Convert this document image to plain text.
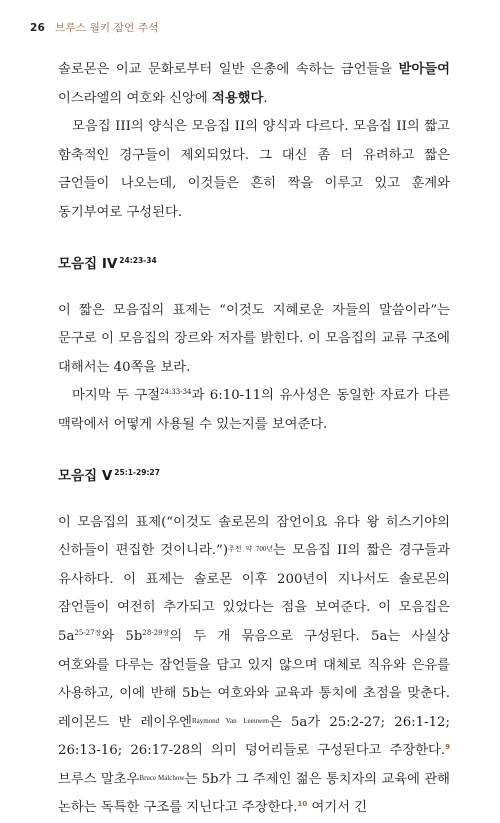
26 브루스 월키 잠언 주석

솔로몬은 이교 문화로부터 일반 은총에 속하는 금언들을 받아들여 이스라엘의 여호와 신앙에 적용했다.

모음집 III의 양식은 모음집 II의 양식과 다르다. 모음집 II의 짧고 함축적인 경구들이 제외되었다. 그 대신 좀 더 유려하고 짧은 금언들이 나오는데, 이것들은 흔히 짝을 이루고 있고 훈계와 동기부여로 구성된다.

모음집 IV $^{24:23-34}$

이 짧은 모음집의 표제는 “이것도 지혜로운 자들의 말씀이라”는 문구로 이 모음집의 장르와 저자를 밝힌다. 이 모음집의 교류 구조에 대해서는 40쪽을 보라.

마지막 두 구절$^{24:33-34}$과 6:10-11의 유사성은 동일한 자료가 다른 맥락에서 어떻게 사용될 수 있는지를 보여준다.

모음집 V $^{25:1-29:27}$

이 모음집의 표제(“이것도 솔로몬의 잠언이요 유다 왕 히스기야의 신하들이 편집한 것이니라.”)$^{주전 약 700년}$는 모음집 II의 짧은 경구들과 유사하다. 이 표제는 솔로몬 이후 200년이 지나서도 솔로몬의 잠언들이 여전히 추가되고 있었다는 점을 보여준다. 이 모음집은 $5a^{25-27장}$와 $5b^{28-29장}$의 두 개 묶음으로 구성된다. 5a는 사실상 여호와를 다루는 잠언들을 담고 있지 않으며 대체로 직유와 은유를 사용하고, 이에 반해 5b는 여호와와 교육과 통치에 초점을 맞춘다. 레이몬드 반 레이우엔$^{Raymond Van Leeuwen}$은 5a가 25:2-27; 26:1-12; 26:13-16; 26:17-28의 의미 덩어리들로 구성된다고 주장한다.$^9$ 브루스 말초우$^{Bruce Malchow}$는 5b가 그 주제인 젊은 통치자의 교육에 관해 논하는 독특한 구조를 지닌다고 주장한다.$^{10}$ 여기서 긴
